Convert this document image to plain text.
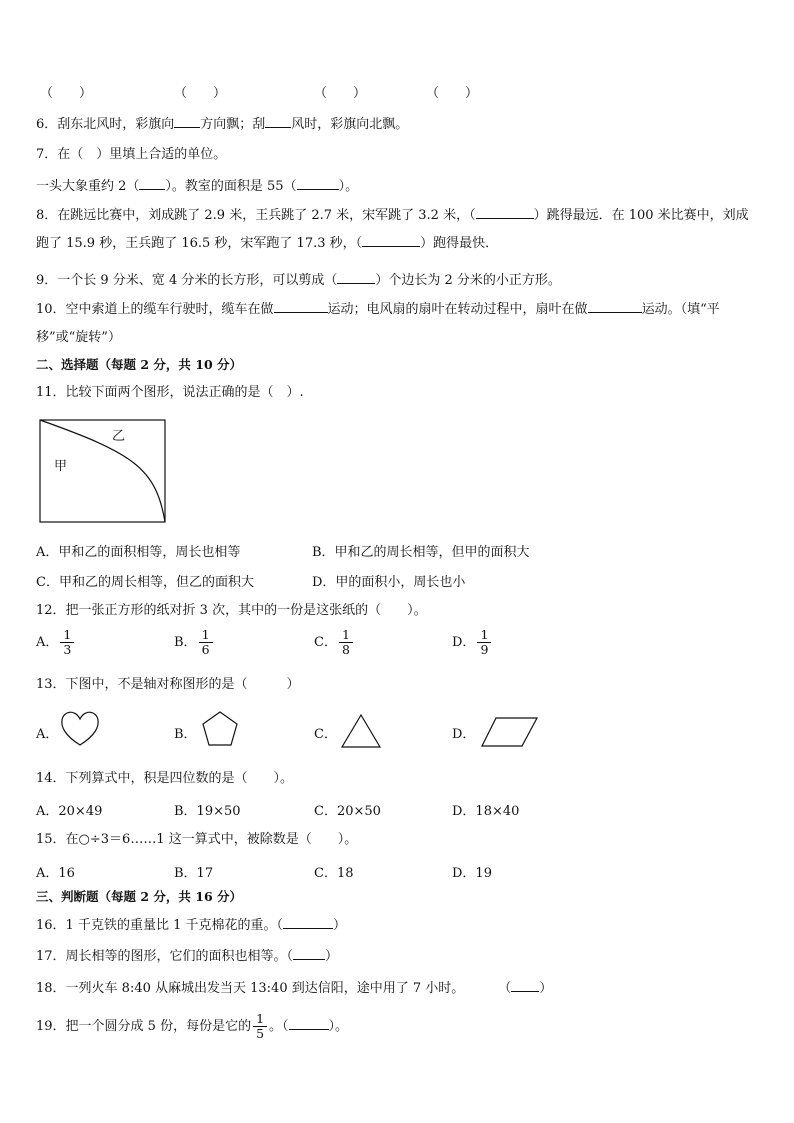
（　　）	（　　）	（　　）	（　　）
6．刮东北风时，彩旗向 方向飘；刮 风时，彩旗向北飘。
7．在（　）里填上合适的单位。
一头大象重约 2（ ）。教室的面积是 55（	）。
8．在跳远比赛中，刘成跳了 2.9 米，王兵跳了 2.7 米，宋军跳了 3.2 米，（	）跳得最远．在 100 米比赛中，刘成跑了 15.9 秒，王兵跑了 16.5 秒，宋军跑了 17.3 秒，（	）跑得最快．
9．一个长 9 分米、宽 4 分米的长方形，可以剪成（	）个边长为 2 分米的小正方形。
10．空中索道上的缆车行驶时，缆车在做	运动；电风扇的扇叶在转动过程中，扇叶在做	运动。（填“平移”或“旋转”）
二、选择题（每题 2 分，共 10 分）
11．比较下面两个图形，说法正确的是（　）.
甲
乙
A．甲和乙的面积相等，周长也相等	B．甲和乙的周长相等，但甲的面积大
C．甲和乙的周长相等，但乙的面积大	D．甲的面积小，周长也小
12．把一张正方形的纸对折 3 次，其中的一份是这张纸的（　　）。
A． $\frac{1}{3}$	B． $\frac{1}{6}$	C． $\frac{1}{8}$	D． $\frac{1}{9}$
13．下图中，不是轴对称图形的是（　　　）
A．	B．	C．	D．
14．下列算式中，积是四位数的是（　　）。
A．20×49	B．19×50	C．20×50	D．18×40
15．在○÷3＝6……1 这一算式中，被除数是（　　）。
A．16	B．17	C．18	D．19
三、判断题（每题 2 分，共 16 分）
16．1 千克铁的重量比 1 千克棉花的重。（	）
17．周长相等的图形，它们的面积也相等。（ ）
18．一列火车 8:40 从麻城出发当天 13:40 到达信阳，途中用了 7 小时。	（ ）
19．把一个圆分成 5 份，每份是它的 $\frac{1}{5}$ 。（	）。
